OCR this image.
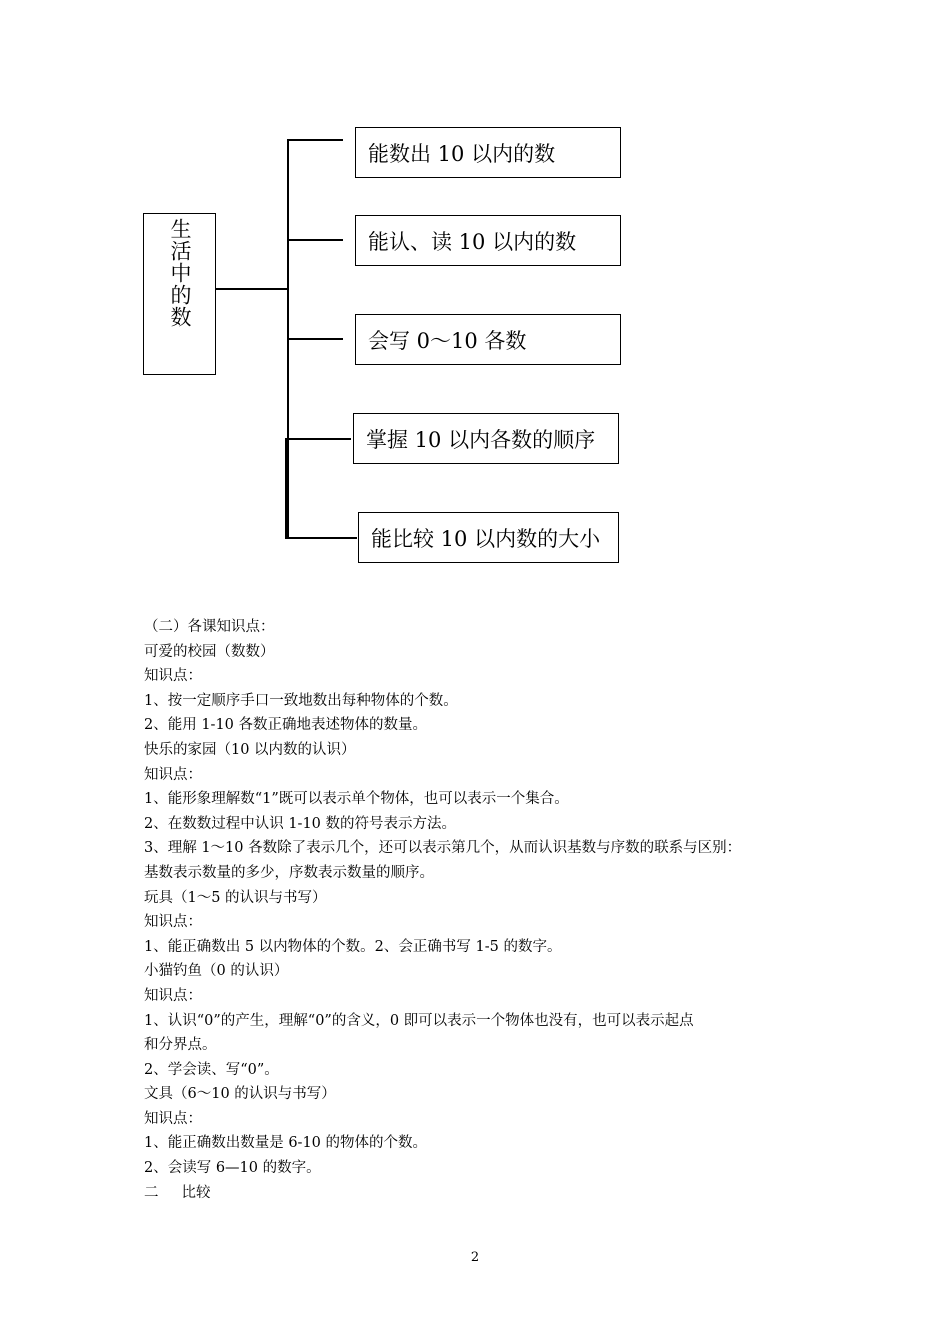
生活中的数
能数出 10 以内的数
能认、读 10 以内的数
会写 0～10 各数
掌握 10 以内各数的顺序
能比较 10 以内数的大小

（二）各课知识点：

可爱的校园（数数）

知识点：

1、按一定顺序手口一致地数出每种物体的个数。

2、能用 1-10 各数正确地表述物体的数量。

快乐的家园（10 以内数的认识）

知识点：

1、能形象理解数“1”既可以表示单个物体，也可以表示一个集合。

2、在数数过程中认识 1-10 数的符号表示方法。

3、理解 1～10 各数除了表示几个，还可以表示第几个，从而认识基数与序数的联系与区别：

基数表示数量的多少，序数表示数量的顺序。

玩具（1～5 的认识与书写）

知识点：

1、能正确数出 5 以内物体的个数。2、会正确书写 1-5 的数字。

小猫钓鱼（0 的认识）

知识点：

1、认识“0”的产生，理解“0”的含义，0 即可以表示一个物体也没有，也可以表示起点

和分界点。

2、学会读、写“0”。

文具（6～10 的认识与书写）

知识点：

1、能正确数出数量是 6-10 的物体的个数。

2、会读写 6—10 的数字。

二     比较

2
